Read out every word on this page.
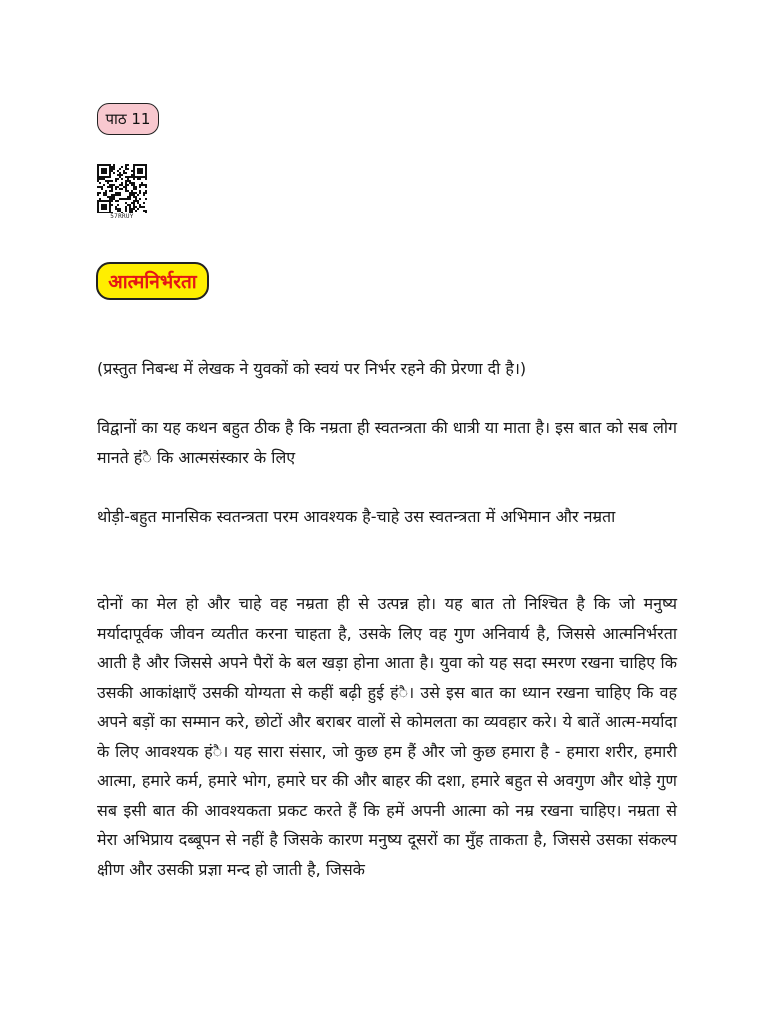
पाठ 11
57RRUY
आत्मनिर्भरता

(प्रस्तुत निबन्ध में लेखक ने युवकों को स्वयं पर निर्भर रहने की प्रेरणा दी है।)

विद्वानों का यह कथन बहुत ठीक है कि नम्रता ही स्वतन्त्रता की धात्री या माता है। इस बात को सब लोग मानते हंै कि आत्मसंस्कार के लिए

थोड़ी-बहुत मानसिक स्वतन्त्रता परम आवश्यक है-चाहे उस स्वतन्त्रता में अभिमान और नम्रता

दोनों का मेल हो और चाहे वह नम्रता ही से उत्पन्न हो। यह बात तो निश्चित है कि जो मनुष्य मर्यादापूर्वक जीवन व्यतीत करना चाहता है, उसके लिए वह गुण अनिवार्य है, जिससे आत्मनिर्भरता आती है और जिससे अपने पैरों के बल खड़ा होना आता है। युवा को यह सदा स्मरण रखना चाहिए कि उसकी आकांक्षाएँ उसकी योग्यता से कहीं बढ़ी हुई हंै। उसे इस बात का ध्यान रखना चाहिए कि वह अपने बड़ों का सम्मान करे, छोटों और बराबर वालों से कोमलता का व्यवहार करे। ये बातें आत्म-मर्यादा के लिए आवश्यक हंै। यह सारा संसार, जो कुछ हम हैं और जो कुछ हमारा है - हमारा शरीर, हमारी आत्मा, हमारे कर्म, हमारे भोग, हमारे घर की और बाहर की दशा, हमारे बहुत से अवगुण और थोड़े गुण सब इसी बात की आवश्यकता प्रकट करते हैं कि हमें अपनी आत्मा को नम्र रखना चाहिए। नम्रता से मेरा अभिप्राय दब्बूपन से नहीं है जिसके कारण मनुष्य दूसरों का मुँह ताकता है, जिससे उसका संकल्प क्षीण और उसकी प्रज्ञा मन्द हो जाती है, जिसके
